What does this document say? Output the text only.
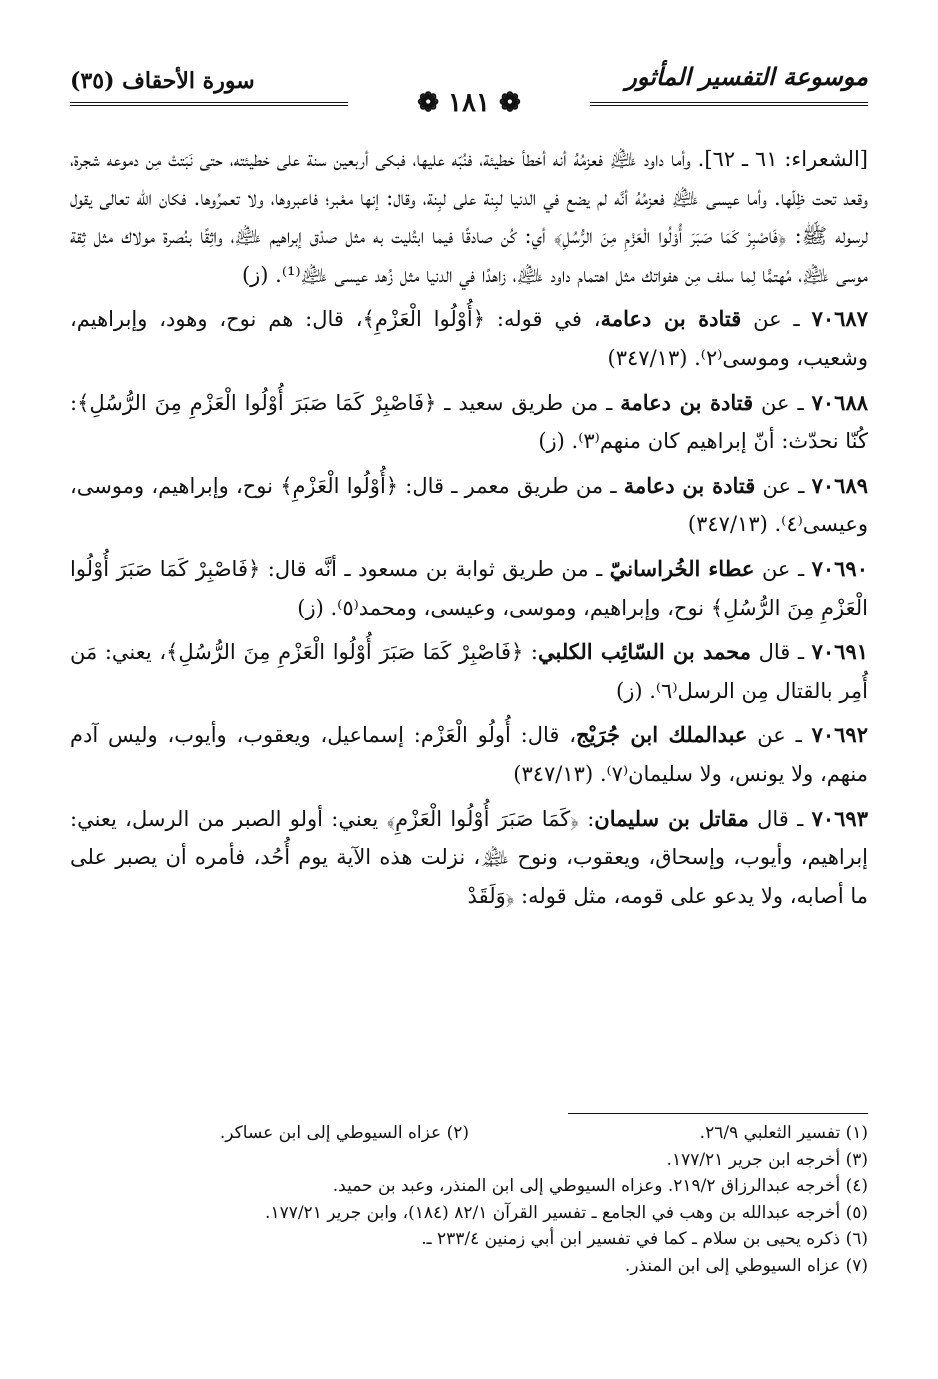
موسوعة التفسير المأثور
سورة الأحقاف (٣٥)
❁ ١٨١ ❁

[الشعراء: ٦١ ـ ٦٢]. وأما داود ﵇ فعزمُهُ أنه أخطأ خطيئة، فنُبّه عليها، فبكى أربعين سنة على خطيئته، حتى نَبَتتْ مِن دموعه شجرة، وقعد تحت ظِلّها. وأما عيسى ﵇ فعزمُهُ أنَّه لم يضع في الدنيا لبِنة على لبِنة، وقال: إنها معْبر؛ فاعبروها، ولا تعمرُوها. فكان الله تعالى يقول لرسوله ﷺ: ﴿فَاصْبِرْ كَمَا صَبَرَ أُوْلُوا الْعَزْمِ مِنَ الرُّسُلِ﴾ أي: كُن صادقًا فيما ابتُليت به مثل صدْق إبراهيم ﵇، واثِقًا بنُصرة مولاك مثل ثِقة موسى ﵇، مُهتمًّا لِما سلف مِن هفواتك مثل اهتمام داود ﵇، زاهدًا في الدنيا مثل زُهد عيسى ﵇⁽¹⁾. (ز)

٧٠٦٨٧ ـ عن قتادة بن دعامة، في قوله: ﴿أُوْلُوا الْعَزْمِ﴾، قال: هم نوح، وهود، وإبراهيم، وشعيب، وموسى⁽٢⁾. (٣٤٧/١٣)

٧٠٦٨٨ ـ عن قتادة بن دعامة ـ من طريق سعيد ـ ﴿فَاصْبِرْ كَمَا صَبَرَ أُوْلُوا الْعَزْمِ مِنَ الرُّسُلِ﴾: كُنّا نحدّث: أنّ إبراهيم كان منهم⁽٣⁾. (ز)

٧٠٦٨٩ ـ عن قتادة بن دعامة ـ من طريق معمر ـ قال: ﴿أُوْلُوا الْعَزْمِ﴾ نوح، وإبراهيم، وموسى، وعيسى⁽٤⁾. (٣٤٧/١٣)

٧٠٦٩٠ ـ عن عطاء الخُراسانيّ ـ من طريق ثوابة بن مسعود ـ أنَّه قال: ﴿فَاصْبِرْ كَمَا صَبَرَ أُوْلُوا الْعَزْمِ مِنَ الرُّسُلِ﴾ نوح، وإبراهيم، وموسى، وعيسى، ومحمد⁽٥⁾. (ز)

٧٠٦٩١ ـ قال محمد بن السّائِب الكلبي: ﴿فَاصْبِرْ كَمَا صَبَرَ أُوْلُوا الْعَزْمِ مِنَ الرُّسُلِ﴾، يعني: مَن أُمِر بالقتال مِن الرسل⁽٦⁾. (ز)

٧٠٦٩٢ ـ عن عبدالملك ابن جُرَيْج، قال: أُولُو الْعَزْم: إسماعيل، ويعقوب، وأيوب، وليس آدم منهم، ولا يونس، ولا سليمان⁽٧⁾. (٣٤٧/١٣)

٧٠٦٩٣ ـ قال مقاتل بن سليمان: ﴿كَمَا صَبَرَ أُوْلُوا الْعَزْمِ﴾ يعني: أولو الصبر من الرسل، يعني: إبراهيم، وأيوب، وإسحاق، ويعقوب، ونوح ﵈، نزلت هذه الآية يوم أُحُد، فأمره أن يصبر على ما أصابه، ولا يدعو على قومه، مثل قوله: ﴿وَلَقَدْ

(١) تفسير الثعلبي ٢٦/٩.
(٢) عزاه السيوطي إلى ابن عساكر.
(٣) أخرجه ابن جرير ١٧٧/٢١.
(٤) أخرجه عبدالرزاق ٢١٩/٢. وعزاه السيوطي إلى ابن المنذر، وعبد بن حميد.
(٥) أخرجه عبدالله بن وهب في الجامع ـ تفسير القرآن ٨٢/١ (١٨٤)، وابن جرير ١٧٧/٢١.
(٦) ذكره يحيى بن سلام ـ كما في تفسير ابن أبي زمنين ٢٣٣/٤ ـ.
(٧) عزاه السيوطي إلى ابن المنذر.
